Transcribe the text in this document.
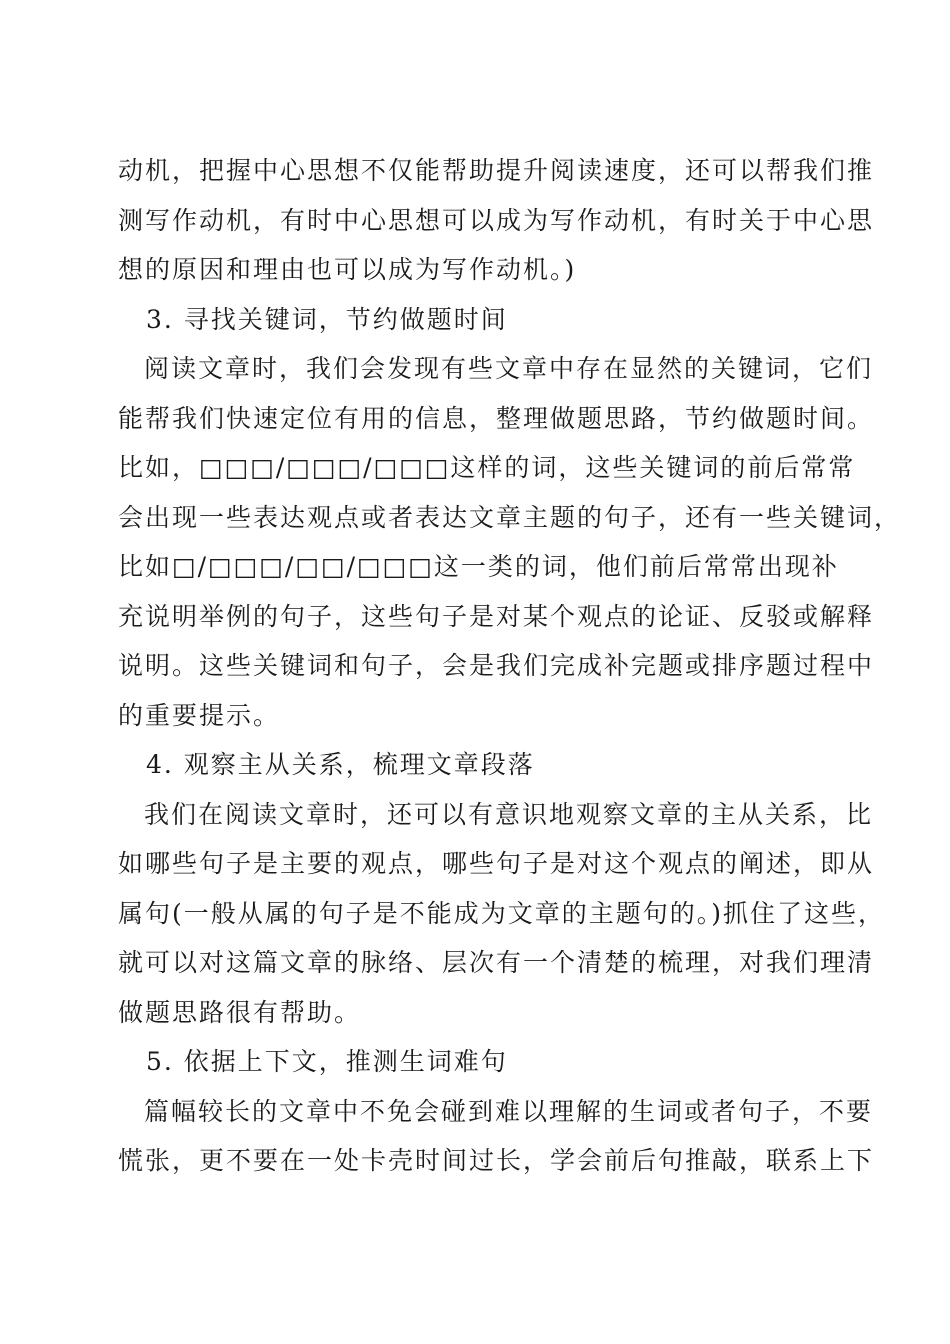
动机，把握中心思想不仅能帮助提升阅读速度，还可以帮我们推
测写作动机，有时中心思想可以成为写作动机，有时关于中心思
想的原因和理由也可以成为写作动机。)
3. 寻找关键词，节约做题时间
阅读文章时，我们会发现有些文章中存在显然的关键词，它们
能帮我们快速定位有用的信息，整理做题思路，节约做题时间。
比如，□□□/□□□/□□□这样的词，这些关键词的前后常常
会出现一些表达观点或者表达文章主题的句子，还有一些关键词，
比如□/□□□/□□/□□□这一类的词，他们前后常常出现补
充说明举例的句子，这些句子是对某个观点的论证、反驳或解释
说明。这些关键词和句子，会是我们完成补完题或排序题过程中
的重要提示。
4. 观察主从关系，梳理文章段落
我们在阅读文章时，还可以有意识地观察文章的主从关系，比
如哪些句子是主要的观点，哪些句子是对这个观点的阐述，即从
属句(一般从属的句子是不能成为文章的主题句的。)抓住了这些，
就可以对这篇文章的脉络、层次有一个清楚的梳理，对我们理清
做题思路很有帮助。
5. 依据上下文，推测生词难句
篇幅较长的文章中不免会碰到难以理解的生词或者句子，不要
慌张，更不要在一处卡壳时间过长，学会前后句推敲，联系上下
